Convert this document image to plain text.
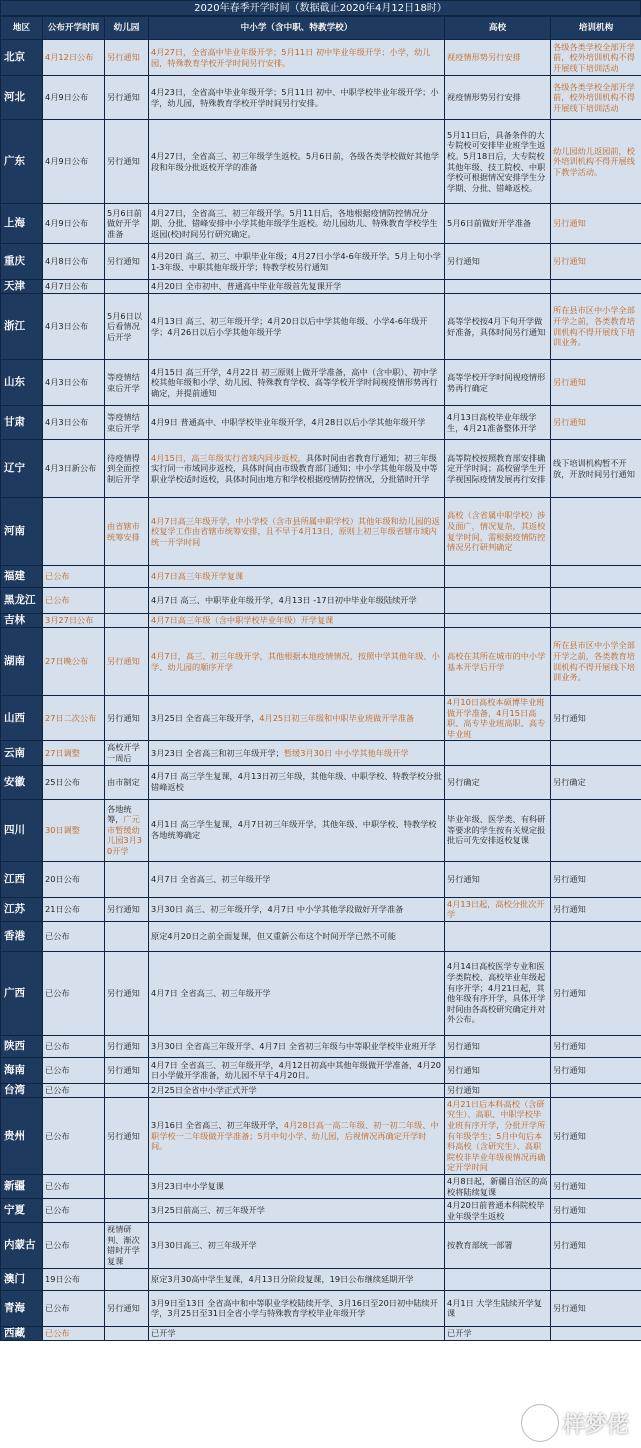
2020年春季开学时间（数据截止2020年4月12日18时）
地区	公布开学时间	幼儿园	中小学（含中职、特教学校）	高校	培训机构
北京	4月12日公布	另行通知	4月27日，全省高中毕业年级开学；5月11日 初中毕业年级开学；小学，幼儿园，特殊教育学校开学时间另行安排。	视疫情形势另行安排	各级各类学校全部开学前，校外培训机构不得开展线下培训活动
河北	4月9日公布	另行通知	4月23日，全省高中毕业年级开学；5月11日 初中、中职学校毕业年级开学；小学，幼儿园，特殊教育学校开学时间另行安排。	视疫情形势另行安排	各级各类学校全部开学前，校外培训机构不得开展线下培训活动
广东	4月9日公布	另行通知	4月27日，全省高三、初三年级学生返校。5月6日前，各级各类学校做好其他学段和年级分批返校开学的准备	5月11日后，具备条件的大专院校可安排毕业班学生返校。5月18日后，大专院校其他年级、技工院校、中职学校可根据情况安排学生分学期、分批、错峰返校。	幼儿园幼儿返园前，校外培训机构不得开展线下教学活动。
上海	4月9日公布	5月6日前做好开学准备	4月27日，全省高三、初三年级开学。5月11日后，各地根据疫情防控情况分期、分批、错峰安排中小学其他年级学生返校。幼儿园幼儿、特殊教育学校学生返园(校)时间另行研究确定。	5月6日前做好开学准备	另行通知
重庆	4月8日公布	另行通知	4月20日 高三、初三、中职毕业年级；4月27日小学4-6年级开学。5月上旬小学1-3年级、中职其他年级开学；特教学校另行通知	另行通知	另行通知
天津	4月7日公布		4月20日 全市初中、普通高中毕业年级首先复课开学		
浙江	4月3日公布	5月6日以后看情况后开学	4月13日 高三、初三年级开学；4月20日以后中学其他年级、小学4-6年级开学；4月26日以后小学其他年级开学	高等学校按4月下旬开学做好准备，具体时间另行通知	所在县市区中小学全部开学之前，各类教育培训机构不得开展线下培训业务。
山东	4月3日公布	等疫情结束后开学	4月15日 高三开学，4月22日 初三原则上做开学准备，高中（含中职）、初中学校其他年级和小学、幼儿园、特殊教育学校、高等学校开学时间视疫情形势再行确定，并提前通知	高等学校开学时间视疫情形势再行确定	另行通知
甘肃	4月3日公布	等疫情结束后开学	4月9日 普通高中、中职学校毕业年级开学，4月28日以后小学其他年级开学	4月13日高校毕业年级学生，4月21准备整体开学	另行通知
辽宁	4月3日新公布	待疫情得到全面控制后开学	4月15日，高三年级实行省域内同步返校，具体时间由省教育厅通知；初三年级实行同一市域同步返校，具体时间由市级教育部门通知；中小学其他年级及中等职业学校适时返校，具体时间由地方和学校根据疫情防控情况，分批错时开学	高等院校按照教育部安排确定开学时间；高校留学生开学视国际疫情发展再行安排	线下培训机构暂不开放，开放时间另行通知
河南		由省辖市统筹安排	4月7日高三年级开学，中小学校（含市县所属中职学校）其他年级和幼儿园的返校复学工作由省辖市统筹安排，且不早于4月13日，原则上初三年级省辖市域内统一开学时间	高校（含省属中职学校）涉及面广，情况复杂，其返校复学时间，需根据疫情防控情况另行研判确定	
福建	已公布		4月7日高三年级开学复课		
黑龙江	已公布		4月7日 高三、中职毕业年级开学，4月13日 -17日初中毕业年级陆续开学		
吉林	3月27日公布		4月7日高三年级（含中职学校毕业年级）开学复课		
湖南	27日晚公布	另行通知	4月7日，高三、初三年级开学，其他根据本地疫情情况，按照中学其他年级、小学、幼儿园的顺序开学	高校在其所在城市的中小学基本开学后开学	所在县市区中小学全部开学之前，各类教育培训机构不得开展线下培训业务。
山西	27日二次公布	另行通知	3月25日 全省高三年级开学，4月25日初三年级和中职毕业班做开学准备	4月10日高校本硕博毕业班做开学准备，4月15日高职、高专毕业班高职、高专毕业班	另行通知
云南	27日调整	高校开学一周后	3月23日 全省高三和初三年级开学；暂缓3月30日 中小学其他年级开学		
安徽	25日公布	由市制定	4月7日 高三学生复课，4月13日初三年级，其他年级、中职学校、特教学校分批错峰返校	另行确定	另行确定
四川	30日调整	各地统筹，广元市暂缓幼儿园3月30开学	4月1日 高三学生复课，4月7日初三年级开学，其他年级、中职学校、特教学校各地统筹确定	毕业年级、医学类、有科研等要求的学生按有关规定报批后可先安排返校复课	
江西	20日公布		4月7日 全省高三、初三年级开学	另行通知	另行通知
江苏	21日公布	另行通知	3月30日 高三、初三年级开学，4月7日 中小学其他学段做好开学准备	4月13日起，高校分批次开学	另行通知
香港	已公布		原定4月20日之前全面复课，但又重新公布这个时间开学已然不可能		
广西	已公布	另行通知	4月7日 全省高三、初三年级开学	4月14日高校医学专业和医学类院校、高校毕业年级起有序开学；4月21日起，其他年级有序开学，具体开学时间由各高校研究确定并对外公布。	另行通知
陕西	已公布	另行通知	3月30日 全省高三年级开学、4月7日 全省初三年级与中等职业学校毕业班开学	另行通知	另行通知
海南	已公布	另行通知	4月7日 全省高三、初三年级开学，4月12日初高中其他年级做开学准备，4月20日小学做开学准备，幼儿园不早于4月20日。	另行通知	另行通知
台湾	已公布		2月25日全省中小学正式开学	另行通知	
贵州	已公布	另行通知	3月16日 全省高三、初三年级开学，4月28日高一高二年级、初一初二年级、中职学校一二年级做开学准备；5月中旬小学、幼儿园，后视情况再确定开学时间。	4月21日后本科高校（含研究生）、高职、中职学校毕业班有序开学，分批开学所有年级学生；5月中旬后本科高校（含研究生）、高职院校非毕业年级视情况再确定开学时间	另行通知
新疆	已公布		3月23日中小学复课	4月8日起，新疆自治区的高校将陆续复课	另行通知
宁夏	已公布		3月25日前高三、初三年级开学	4月20日前普通本科院校毕业年级学生返校	另行通知
内蒙古	已公布	视情研判、渐次错时开学复课	3月30日高三、初三年级开学	按教育部统一部署	另行通知
澳门	19日公布		原定3月30高中学生复课，4月13日分阶段复课，19日公布继续延期开学		
青海	已公布	另行通知	3月9日至13日 全省高中和中等职业学校陆续开学、3月16日至20日初中陆续开学，3月25日至31日全省小学与特殊教育学校毕业年级开学	4月1日 大学生陆续开学复课	另行通知
西藏	已公布		已开学	已开学	
样梦佬
